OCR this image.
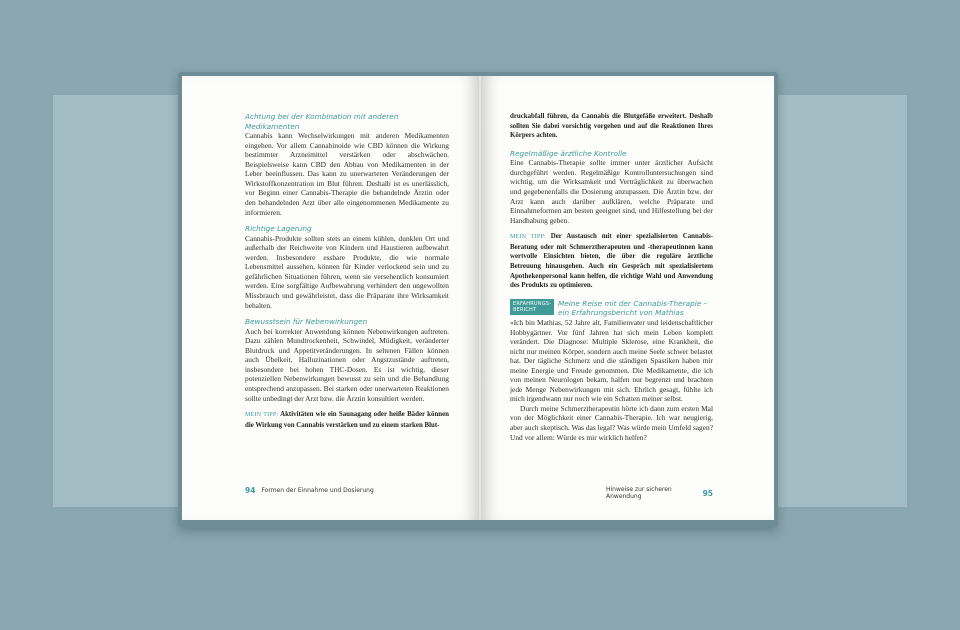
Achtung bei der Kombination mit anderen Medikamenten

Cannabis kann Wechselwirkungen mit anderen Medikamenten eingehen. Vor allem Cannabinoide wie CBD können die Wirkung bestimmter Arzneimittel verstärken oder abschwächen. Beispielsweise kann CBD den Abbau von Medikamenten in der Leber beeinflussen. Das kann zu unerwarteten Veränderungen der Wirkstoffkonzentration im Blut führen. Deshalb ist es unerlässlich, vor Beginn einer Cannabis-Therapie die behandelnde Ärztin oder den behandelnden Arzt über alle eingenommenen Medikamente zu informieren.

Richtige Lagerung

Cannabis-Produkte sollten stets an einem kühlen, dunklen Ort und außerhalb der Reichweite von Kindern und Haustieren aufbewahrt werden. Insbesondere essbare Produkte, die wie normale Lebensmittel aussehen, können für Kinder verlockend sein und zu gefährlichen Situationen führen, wenn sie versehentlich konsumiert werden. Eine sorgfältige Aufbewahrung verhindert den ungewollten Missbrauch und gewährleistet, dass die Präparate ihre Wirksamkeit behalten.

Bewusstsein für Nebenwirkungen

Auch bei korrekter Anwendung können Nebenwirkungen auftreten. Dazu zählen Mundtrockenheit, Schwindel, Müdigkeit, veränderter Blutdruck und Appetitveränderungen. In seltenen Fällen können auch Übelkeit, Halluzinationen oder Angstzustände auftreten, insbesondere bei hohen THC-Dosen. Es ist wichtig, dieser potenziellen Nebenwirkungen bewusst zu sein und die Behandlung entsprechend anzupassen. Bei starken oder unerwarteten Reaktionen sollte unbedingt der Arzt bzw. die Ärztin konsultiert werden.

MEIN TIPP: Aktivitäten wie ein Saunagang oder heiße Bäder können die Wirkung von Cannabis verstärken und zu einem starken Blut-

druckabfall führen, da Cannabis die Blutgefäße erweitert. Deshalb sollten Sie dabei vorsichtig vorgehen und auf die Reaktionen Ihres Körpers achten.

Regelmäßige ärztliche Kontrolle

Eine Cannabis-Therapie sollte immer unter ärztlicher Aufsicht durchgeführt werden. Regelmäßige Kontrolluntersuchungen sind wichtig, um die Wirksamkeit und Verträglichkeit zu überwachen und gegebenenfalls die Dosierung anzupassen. Die Ärztin bzw. der Arzt kann auch darüber aufklären, welche Präparate und Einnahmeformen am besten geeignet sind, und Hilfestellung bei der Handhabung geben.

MEIN TIPP: Der Austausch mit einer spezialisierten Cannabis-Beratung oder mit Schmerztherapeuten und -therapeutinnen kann wertvolle Einsichten bieten, die über die reguläre ärztliche Betreuung hinausgehen. Auch ein Gespräch mit spezialisiertem Apothekenpersonal kann helfen, die richtige Wahl und Anwendung des Produkts zu optimieren.

ERFAHRUNGS-BERICHT
Meine Reise mit der Cannabis-Therapie – ein Erfahrungsbericht von Mathias

»Ich bin Mathias, 52 Jahre alt, Familienvater und leidenschaftlicher Hobbygärtner. Vor fünf Jahren hat sich mein Leben komplett verändert. Die Diagnose: Multiple Sklerose, eine Krankheit, die nicht nur meinen Körper, sondern auch meine Seele schwer belastet hat. Der tägliche Schmerz und die ständigen Spastiken haben mir meine Energie und Freude genommen. Die Medikamente, die ich von meinen Neurologen bekam, halfen nur begrenzt und brachten jede Menge Nebenwirkungen mit sich. Ehrlich gesagt, fühlte ich mich irgendwann nur noch wie ein Schatten meiner selbst.

Durch meine Schmerztherapeutin hörte ich dann zum ersten Mal von der Möglichkeit einer Cannabis-Therapie. Ich war neugierig, aber auch skeptisch. Was das legal? Was würde mein Umfeld sagen? Und vor allem: Würde es mir wirklich helfen?

94 Formen der Einnahme und Dosierung	Hinweise zur sicheren Anwendung	95
